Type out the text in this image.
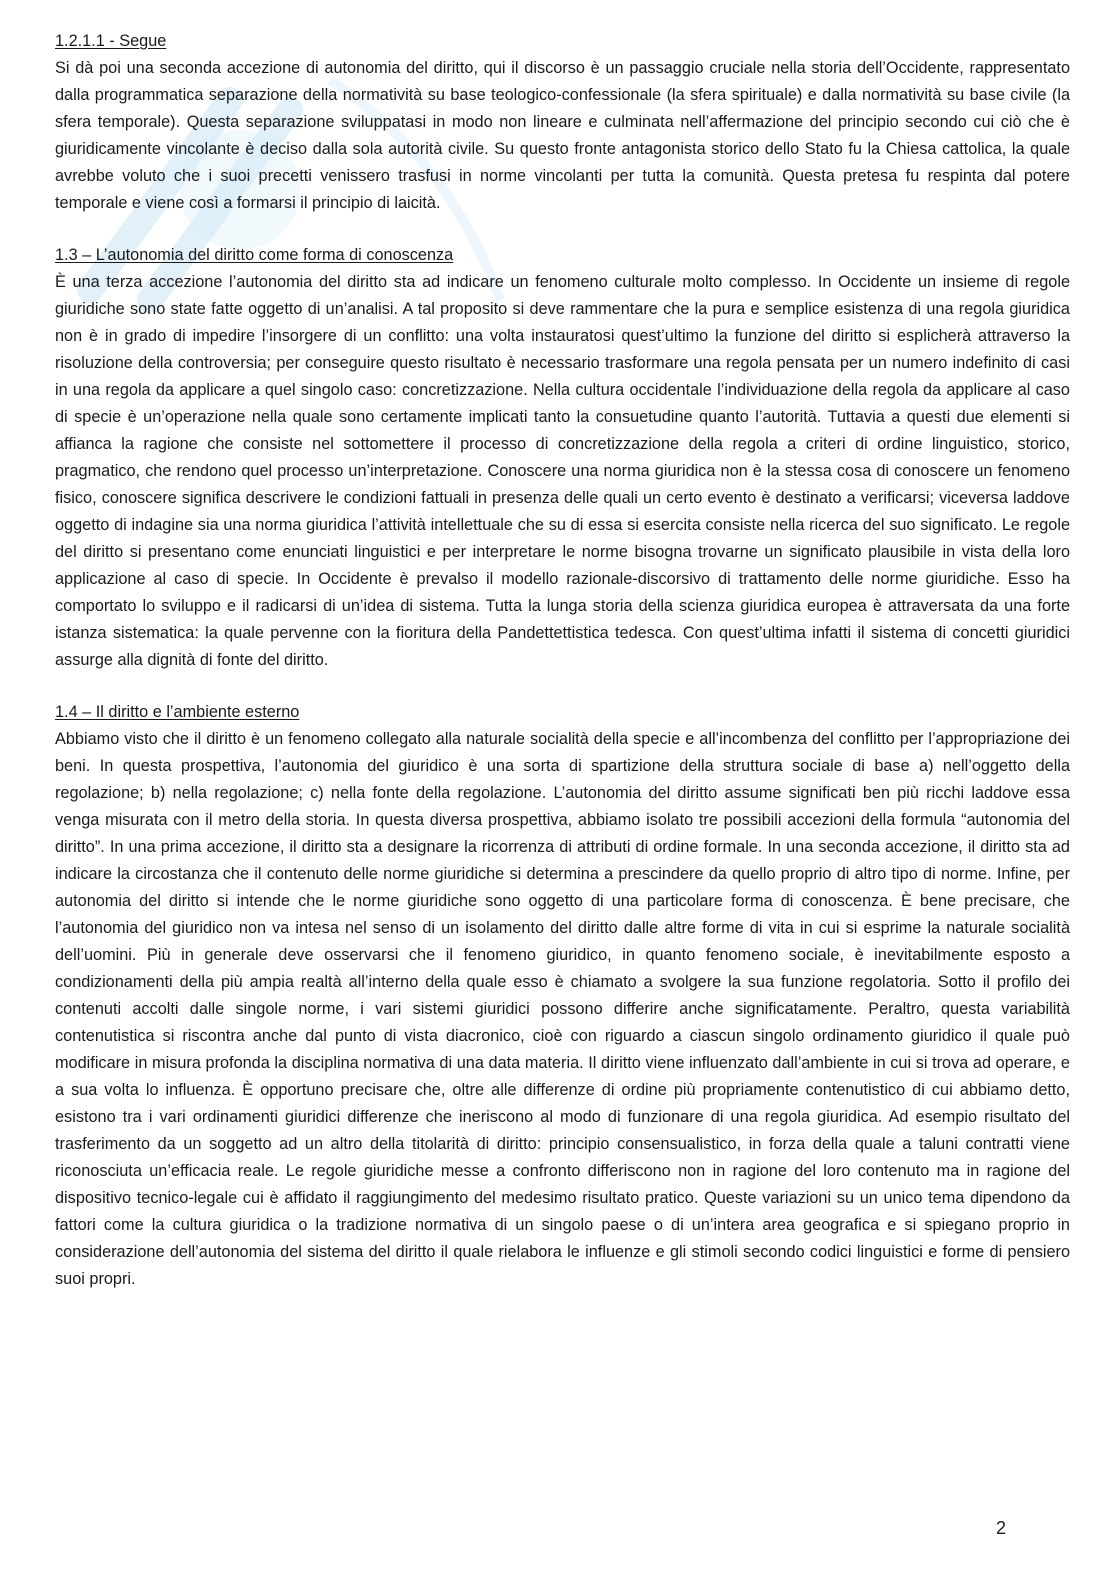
1.2.1.1 - Segue

Si dà poi una seconda accezione di autonomia del diritto, qui il discorso è un passaggio cruciale nella storia dell’Occidente, rappresentato dalla programmatica separazione della normatività su base teologico-confessionale (la sfera spirituale) e dalla normatività su base civile (la sfera temporale). Questa separazione sviluppatasi in modo non lineare e culminata nell’affermazione del principio secondo cui ciò che è giuridicamente vincolante è deciso dalla sola autorità civile. Su questo fronte antagonista storico dello Stato fu la Chiesa cattolica, la quale avrebbe voluto che i suoi precetti venissero trasfusi in norme vincolanti per tutta la comunità. Questa pretesa fu respinta dal potere temporale e viene così a formarsi il principio di laicità.

1.3 – L’autonomia del diritto come forma di conoscenza

È una terza accezione l’autonomia del diritto sta ad indicare un fenomeno culturale molto complesso. In Occidente un insieme di regole giuridiche sono state fatte oggetto di un’analisi. A tal proposito si deve rammentare che la pura e semplice esistenza di una regola giuridica non è in grado di impedire l’insorgere di un conflitto: una volta instauratosi quest’ultimo la funzione del diritto si esplicherà attraverso la risoluzione della controversia; per conseguire questo risultato è necessario trasformare una regola pensata per un numero indefinito di casi in una regola da applicare a quel singolo caso: concretizzazione. Nella cultura occidentale l’individuazione della regola da applicare al caso di specie è un’operazione nella quale sono certamente implicati tanto la consuetudine quanto l’autorità. Tuttavia a questi due elementi si affianca la ragione che consiste nel sottomettere il processo di concretizzazione della regola a criteri di ordine linguistico, storico, pragmatico, che rendono quel processo un’interpretazione. Conoscere una norma giuridica non è la stessa cosa di conoscere un fenomeno fisico, conoscere significa descrivere le condizioni fattuali in presenza delle quali un certo evento è destinato a verificarsi; viceversa laddove oggetto di indagine sia una norma giuridica l’attività intellettuale che su di essa si esercita consiste nella ricerca del suo significato. Le regole del diritto si presentano come enunciati linguistici e per interpretare le norme bisogna trovarne un significato plausibile in vista della loro applicazione al caso di specie. In Occidente è prevalso il modello razionale-discorsivo di trattamento delle norme giuridiche. Esso ha comportato lo sviluppo e il radicarsi di un’idea di sistema. Tutta la lunga storia della scienza giuridica europea è attraversata da una forte istanza sistematica: la quale pervenne con la fioritura della Pandettettistica tedesca. Con quest’ultima infatti il sistema di concetti giuridici assurge alla dignità di fonte del diritto.

1.4 – Il diritto e l’ambiente esterno

Abbiamo visto che il diritto è un fenomeno collegato alla naturale socialità della specie e all’incombenza del conflitto per l’appropriazione dei beni. In questa prospettiva, l’autonomia del giuridico è una sorta di spartizione della struttura sociale di base a) nell’oggetto della regolazione; b) nella regolazione; c) nella fonte della regolazione. L’autonomia del diritto assume significati ben più ricchi laddove essa venga misurata con il metro della storia. In questa diversa prospettiva, abbiamo isolato tre possibili accezioni della formula “autonomia del diritto”. In una prima accezione, il diritto sta a designare la ricorrenza di attributi di ordine formale. In una seconda accezione, il diritto sta ad indicare la circostanza che il contenuto delle norme giuridiche si determina a prescindere da quello proprio di altro tipo di norme. Infine, per autonomia del diritto si intende che le norme giuridiche sono oggetto di una particolare forma di conoscenza. È bene precisare, che l’autonomia del giuridico non va intesa nel senso di un isolamento del diritto dalle altre forme di vita in cui si esprime la naturale socialità dell’uomini. Più in generale deve osservarsi che il fenomeno giuridico, in quanto fenomeno sociale, è inevitabilmente esposto a condizionamenti della più ampia realtà all’interno della quale esso è chiamato a svolgere la sua funzione regolatoria. Sotto il profilo dei contenuti accolti dalle singole norme, i vari sistemi giuridici possono differire anche significatamente. Peraltro, questa variabilità contenutistica si riscontra anche dal punto di vista diacronico, cioè con riguardo a ciascun singolo ordinamento giuridico il quale può modificare in misura profonda la disciplina normativa di una data materia. Il diritto viene influenzato dall’ambiente in cui si trova ad operare, e a sua volta lo influenza. È opportuno precisare che, oltre alle differenze di ordine più propriamente contenutistico di cui abbiamo detto, esistono tra i vari ordinamenti giuridici differenze che ineriscono al modo di funzionare di una regola giuridica. Ad esempio risultato del trasferimento da un soggetto ad un altro della titolarità di diritto: principio consensualistico, in forza della quale a taluni contratti viene riconosciuta un’efficacia reale. Le regole giuridiche messe a confronto differiscono non in ragione del loro contenuto ma in ragione del dispositivo tecnico-legale cui è affidato il raggiungimento del medesimo risultato pratico. Queste variazioni su un unico tema dipendono da fattori come la cultura giuridica o la tradizione normativa di un singolo paese o di un’intera area geografica e si spiegano proprio in considerazione dell’autonomia del sistema del diritto il quale rielabora le influenze e gli stimoli secondo codici linguistici e forme di pensiero suoi propri.

2
